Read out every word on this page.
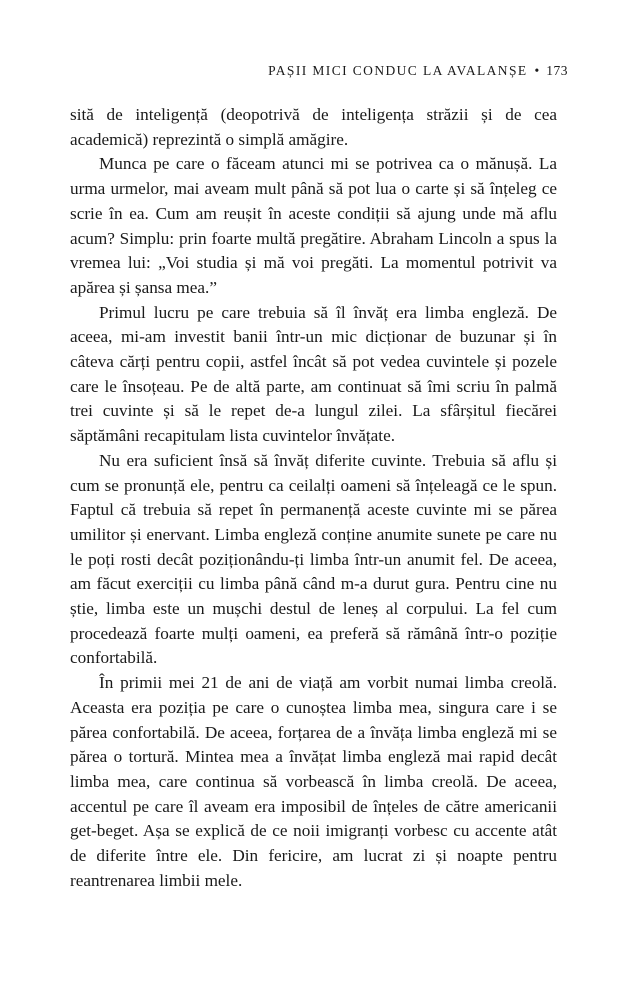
PAȘII MICI CONDUC LA AVALANȘE • 173

sită de inteligență (deopotrivă de inteligența străzii și de cea academică) reprezintă o simplă amăgire.

Munca pe care o făceam atunci mi se potrivea ca o mănușă. La urma urmelor, mai aveam mult până să pot lua o carte și să înțeleg ce scrie în ea. Cum am reușit în aceste condiții să ajung unde mă aflu acum? Simplu: prin foarte multă pregătire. Abraham Lincoln a spus la vremea lui: „Voi studia și mă voi pregăti. La momentul potrivit va apărea și șansa mea.”

Primul lucru pe care trebuia să îl învăț era limba engleză. De aceea, mi-am investit banii într-un mic dicționar de buzunar și în câteva cărți pentru copii, astfel încât să pot vedea cuvintele și pozele care le însoțeau. Pe de altă parte, am continuat să îmi scriu în palmă trei cuvinte și să le repet de-a lungul zilei. La sfârșitul fiecărei săptămâni recapitulam lista cuvintelor învățate.

Nu era suficient însă să învăț diferite cuvinte. Trebuia să aflu și cum se pronunță ele, pentru ca ceilalți oameni să înțeleagă ce le spun. Faptul că trebuia să repet în permanență aceste cuvinte mi se părea umilitor și enervant. Limba engleză conține anumite sunete pe care nu le poți rosti decât poziționându-ți limba într-un anumit fel. De aceea, am făcut exerciții cu limba până când m-a durut gura. Pentru cine nu știe, limba este un mușchi destul de leneș al corpului. La fel cum procedează foarte mulți oameni, ea preferă să rămână într-o poziție confortabilă.

În primii mei 21 de ani de viață am vorbit numai limba creolă. Aceasta era poziția pe care o cunoștea limba mea, singura care i se părea confortabilă. De aceea, forțarea de a învăța limba engleză mi se părea o tortură. Mintea mea a învățat limba engleză mai rapid decât limba mea, care continua să vorbească în limba creolă. De aceea, accentul pe care îl aveam era imposibil de înțeles de către americanii get-beget. Așa se explică de ce noii imigranți vorbesc cu accente atât de diferite între ele. Din fericire, am lucrat zi și noapte pentru reantrenarea limbii mele.
